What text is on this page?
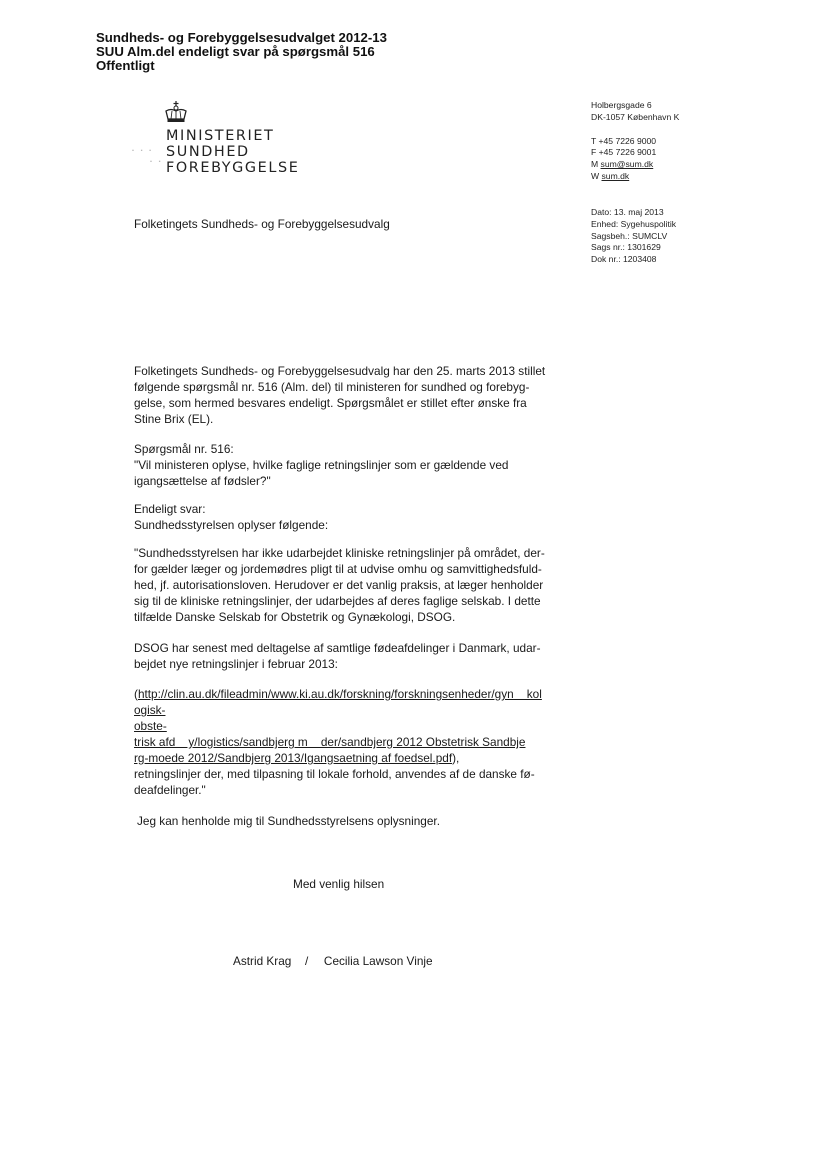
Sundheds- og Forebyggelsesudvalget 2012-13
SUU Alm.del endeligt svar på spørgsmål 516
Offentligt
⠂⠂⠂
⠂⠂
MINISTERIET
SUNDHED
FOREBYGGELSE
Holbergsgade 6
DK-1057 København K
T +45 7226 9000
F +45 7226 9001
M sum@sum.dk
W sum.dk
Dato: 13. maj 2013
Enhed: Sygehuspolitik
Sagsbeh.: SUMCLV
Sags nr.: 1301629
Dok nr.: 1203408
Folketingets Sundheds- og Forebyggelsesudvalg
Folketingets Sundheds- og Forebyggelsesudvalg har den 25. marts 2013 stillet
følgende spørgsmål nr. 516 (Alm. del) til ministeren for sundhed og forebyg-
gelse, som hermed besvares endeligt. Spørgsmålet er stillet efter ønske fra
Stine Brix (EL).
Spørgsmål nr. 516:
"Vil ministeren oplyse, hvilke faglige retningslinjer som er gældende ved
igangsættelse af fødsler?"
Endeligt svar:
Sundhedsstyrelsen oplyser følgende:
"Sundhedsstyrelsen har ikke udarbejdet kliniske retningslinjer på området, der-
for gælder læger og jordemødres pligt til at udvise omhu og samvittighedsfuld-
hed, jf. autorisationsloven. Herudover er det vanlig praksis, at læger henholder
sig til de kliniske retningslinjer, der udarbejdes af deres faglige selskab. I dette
tilfælde Danske Selskab for Obstetrik og Gynækologi, DSOG.
DSOG har senest med deltagelse af samtlige fødeafdelinger i Danmark, udar-
bejdet nye retningslinjer i februar 2013:
(http://clin.au.dk/fileadmin/www.ki.au.dk/forskning/forskningsenheder/gyn    kol
ogisk-
obste-
trisk afd    y/logistics/sandbjerg m    der/sandbjerg 2012 Obstetrisk Sandbje
rg-moede 2012/Sandbjerg 2013/Igangsaetning af foedsel.pdf),
retningslinjer der, med tilpasning til lokale forhold, anvendes af de danske fø-
deafdelinger."
Jeg kan henholde mig til Sundhedsstyrelsens oplysninger.
Med venlig hilsen
Astrid Krag / Cecilia Lawson Vinje
